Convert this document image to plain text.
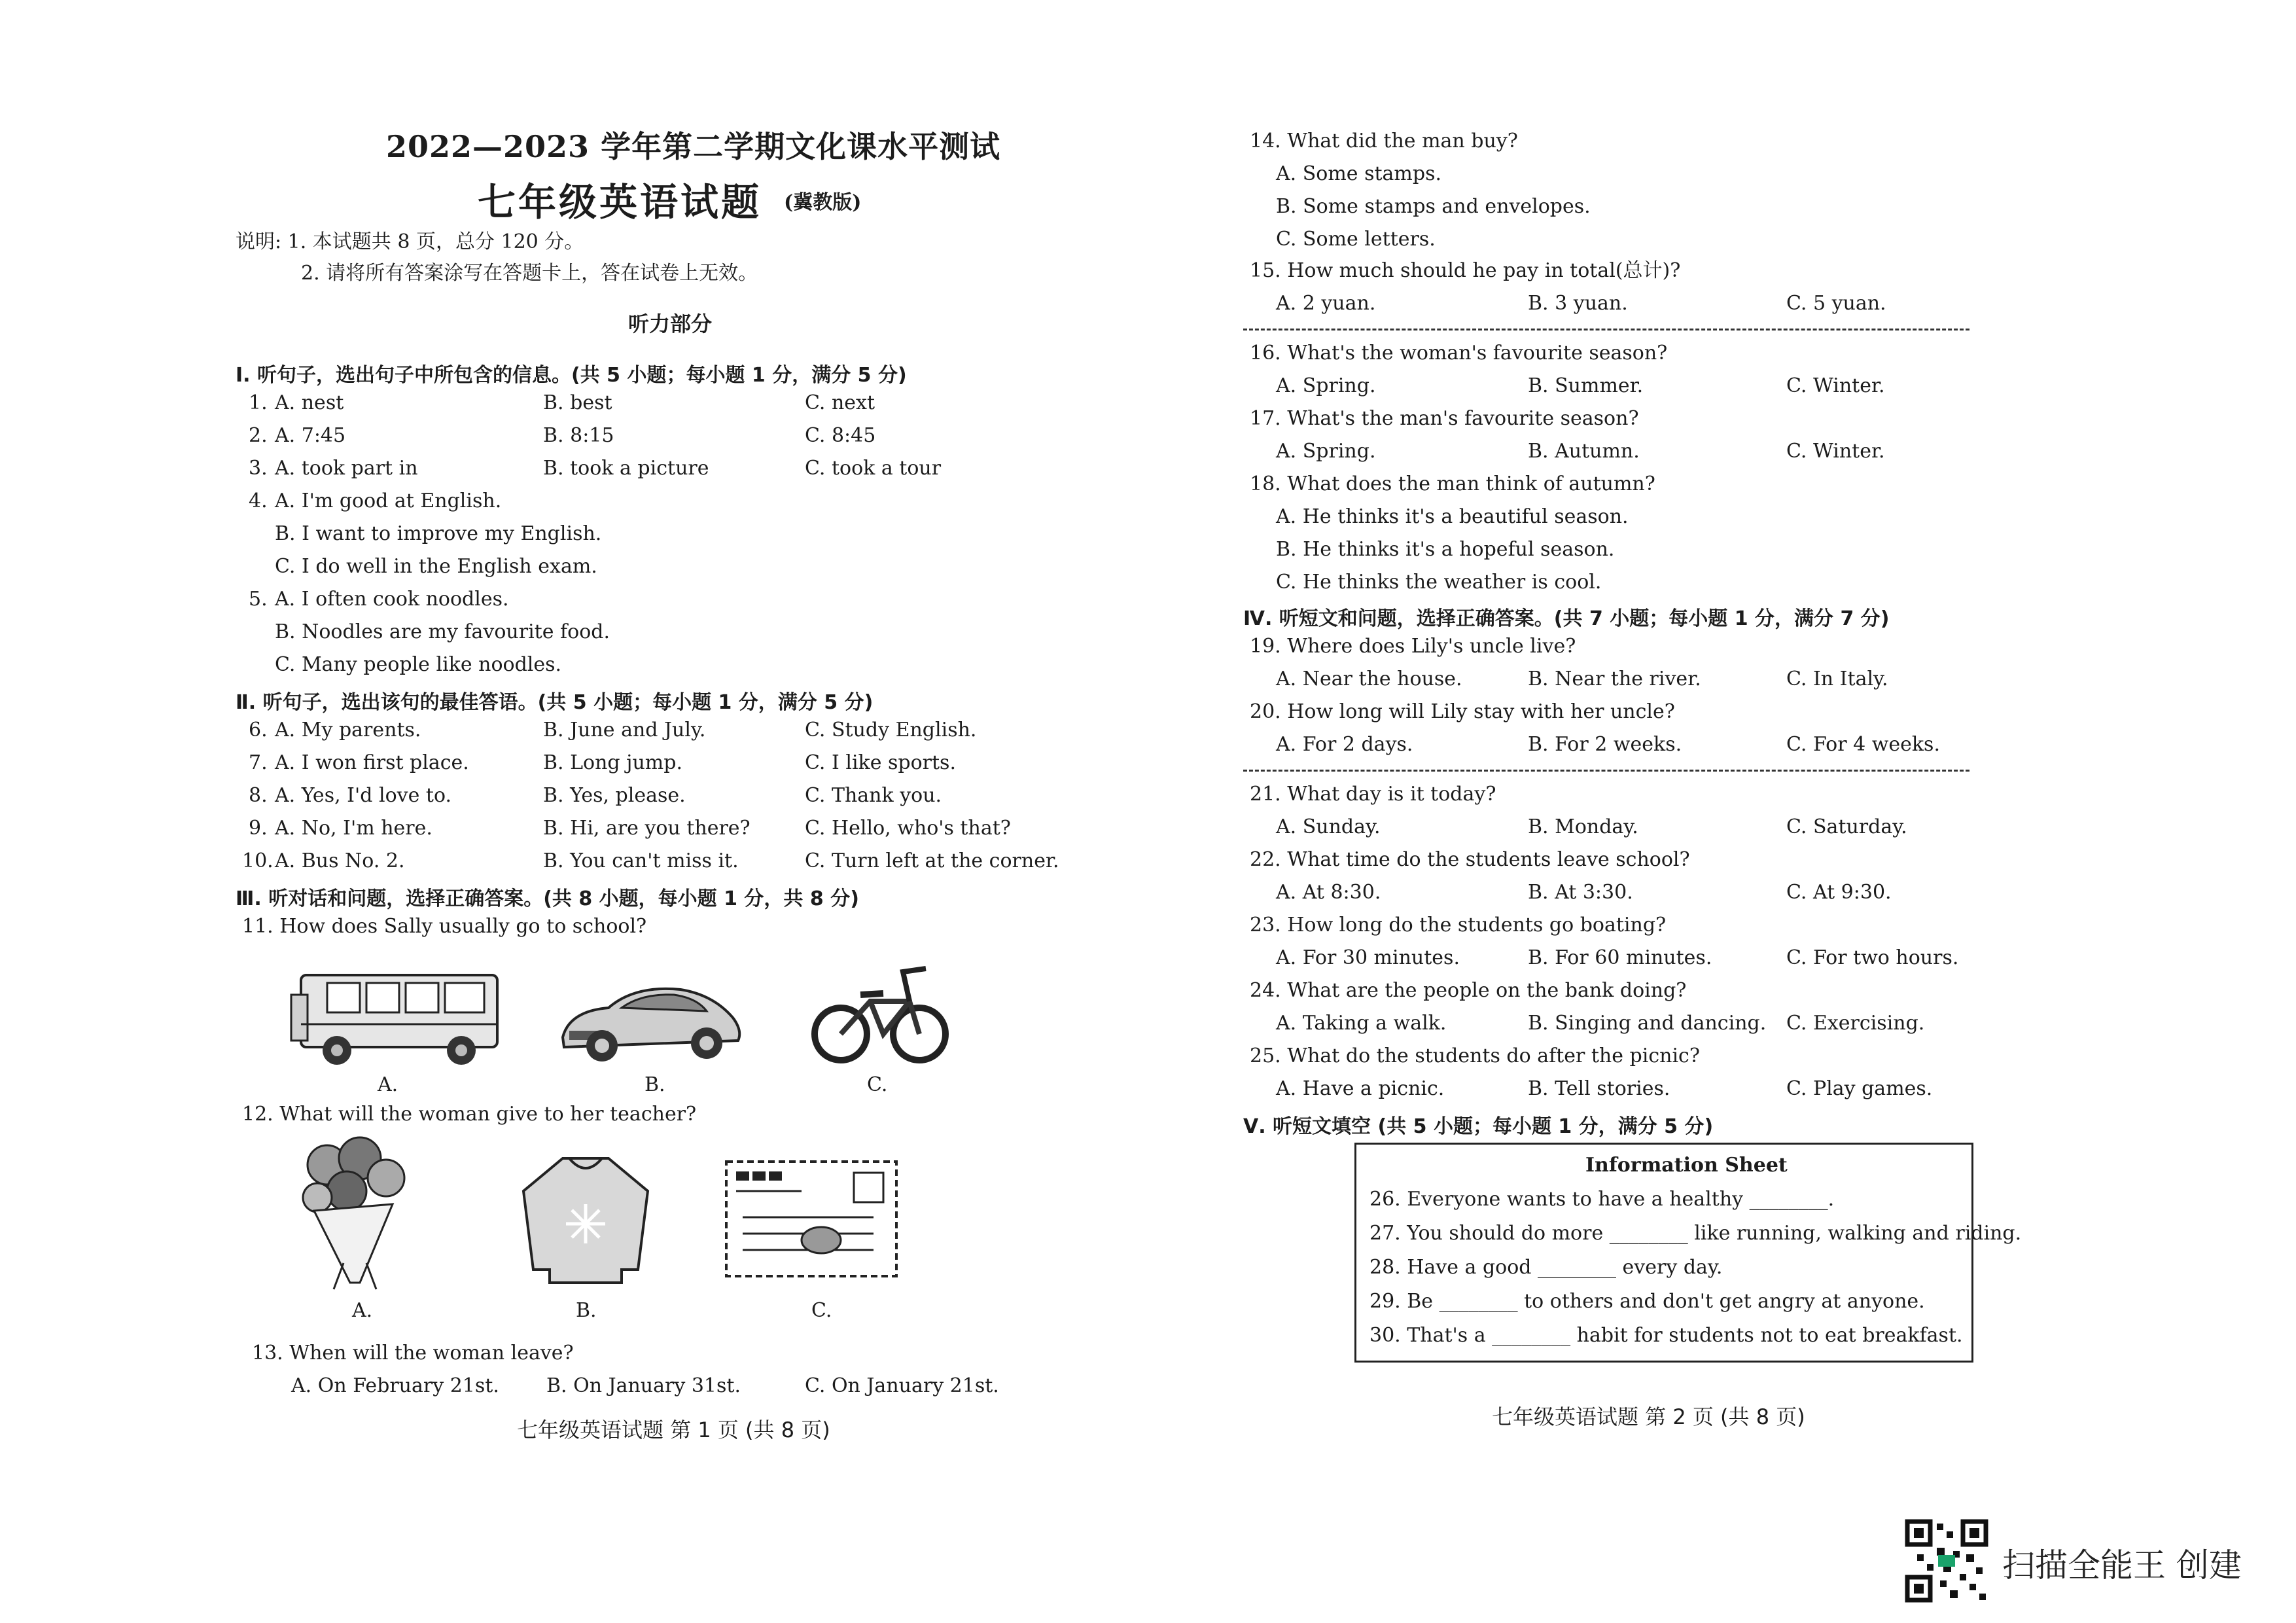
2022—2023 学年第二学期文化课水平测试
七年级英语试题 (冀教版)
说明: 1. 本试题共 8 页，总分 120 分。
2. 请将所有答案涂写在答题卡上，答在试卷上无效。
听力部分
Ⅰ. 听句子，选出句子中所包含的信息。(共 5 小题；每小题 1 分，满分 5 分)
1. A. nest	B. best	C. next
2. A. 7:45	B. 8:15	C. 8:45
3. A. took part in	B. took a picture	C. took a tour
4. A. I'm good at English.
B. I want to improve my English.
C. I do well in the English exam.
5. A. I often cook noodles.
B. Noodles are my favourite food.
C. Many people like noodles.
Ⅱ. 听句子，选出该句的最佳答语。(共 5 小题；每小题 1 分，满分 5 分)
6. A. My parents.	B. June and July.	C. Study English.
7. A. I won first place.	B. Long jump.	C. I like sports.
8. A. Yes, I'd love to.	B. Yes, please.	C. Thank you.
9. A. No, I'm here.	B. Hi, are you there?	C. Hello, who's that?
10. A. Bus No. 2.	B. You can't miss it.	C. Turn left at the corner.
Ⅲ. 听对话和问题，选择正确答案。(共 8 小题，每小题 1 分，共 8 分)
11. How does Sally usually go to school?
A.	B.	C.
12. What will the woman give to her teacher?
A.	B.	C.
13. When will the woman leave?
A. On February 21st. B. On January 31st.	C. On January 21st.
七年级英语试题 第 1 页 (共 8 页)
14. What did the man buy?
A. Some stamps.
B. Some stamps and envelopes.
C. Some letters.
15. How much should he pay in total(总计)?
A. 2 yuan.	B. 3 yuan.	C. 5 yuan.
16. What's the woman's favourite season?
A. Spring.	B. Summer.	C. Winter.
17. What's the man's favourite season?
A. Spring.	B. Autumn.	C. Winter.
18. What does the man think of autumn?
A. He thinks it's a beautiful season.
B. He thinks it's a hopeful season.
C. He thinks the weather is cool.
Ⅳ. 听短文和问题，选择正确答案。(共 7 小题；每小题 1 分，满分 7 分)
19. Where does Lily's uncle live?
A. Near the house.	B. Near the river.	C. In Italy.
20. How long will Lily stay with her uncle?
A. For 2 days.	B. For 2 weeks.	C. For 4 weeks.
21. What day is it today?
A. Sunday.	B. Monday.	C. Saturday.
22. What time do the students leave school?
A. At 8:30.	B. At 3:30.	C. At 9:30.
23. How long do the students go boating?
A. For 30 minutes.	B. For 60 minutes.	C. For two hours.
24. What are the people on the bank doing?
A. Taking a walk.	B. Singing and dancing. C. Exercising.
25. What do the students do after the picnic?
A. Have a picnic.	B. Tell stories.	C. Play games.
Ⅴ. 听短文填空 (共 5 小题；每小题 1 分，满分 5 分)
Information Sheet
26. Everyone wants to have a healthy ________.
27. You should do more ________ like running, walking and riding.
28. Have a good ________ every day.
29. Be ________ to others and don't get angry at anyone.
30. That's a ________ habit for students not to eat breakfast.
七年级英语试题 第 2 页 (共 8 页)
扫描全能王 创建
